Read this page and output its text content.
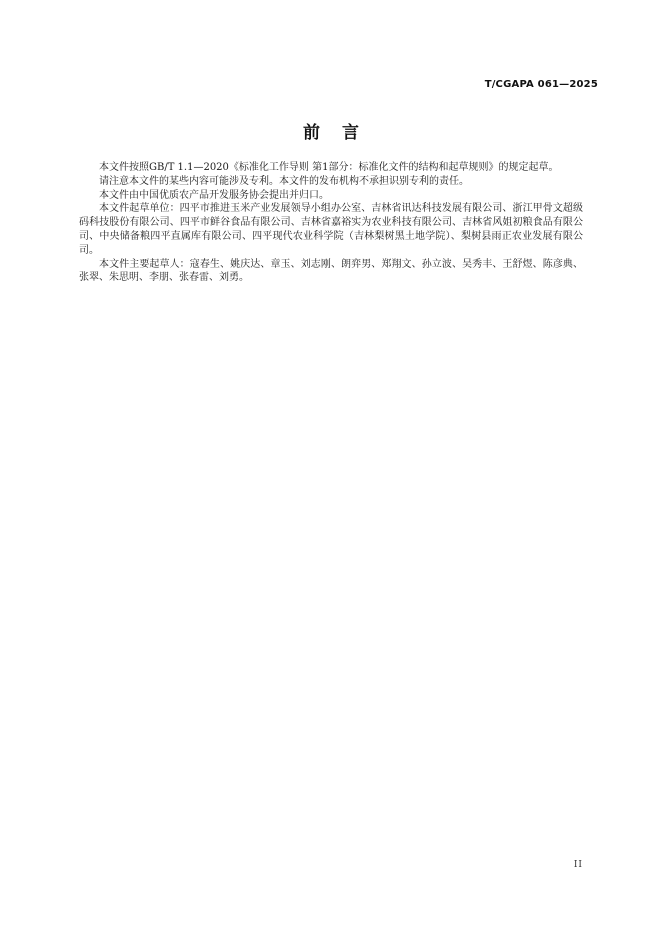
T/CGAPA 061—2025
前言

本文件按照GB/T 1.1—2020《标准化工作导则 第1部分：标准化文件的结构和起草规则》的规定起草。

请注意本文件的某些内容可能涉及专利。本文件的发布机构不承担识别专利的责任。

本文件由中国优质农产品开发服务协会提出并归口。

本文件起草单位：四平市推进玉米产业发展领导小组办公室、吉林省讯达科技发展有限公司、浙江甲骨文超级码科技股份有限公司、四平市鲜谷食品有限公司、吉林省嘉裕实为农业科技有限公司、吉林省风姐初粮食品有限公司、中央储备粮四平直属库有限公司、四平现代农业科学院（吉林梨树黑土地学院）、梨树县雨正农业发展有限公司。

本文件主要起草人：寇春生、姚庆达、章玉、刘志刚、朗弈男、郑翔文、孙立波、吴秀丰、王舒煜、陈彦典、张翠、朱思明、李朋、张春雷、刘勇。

II
